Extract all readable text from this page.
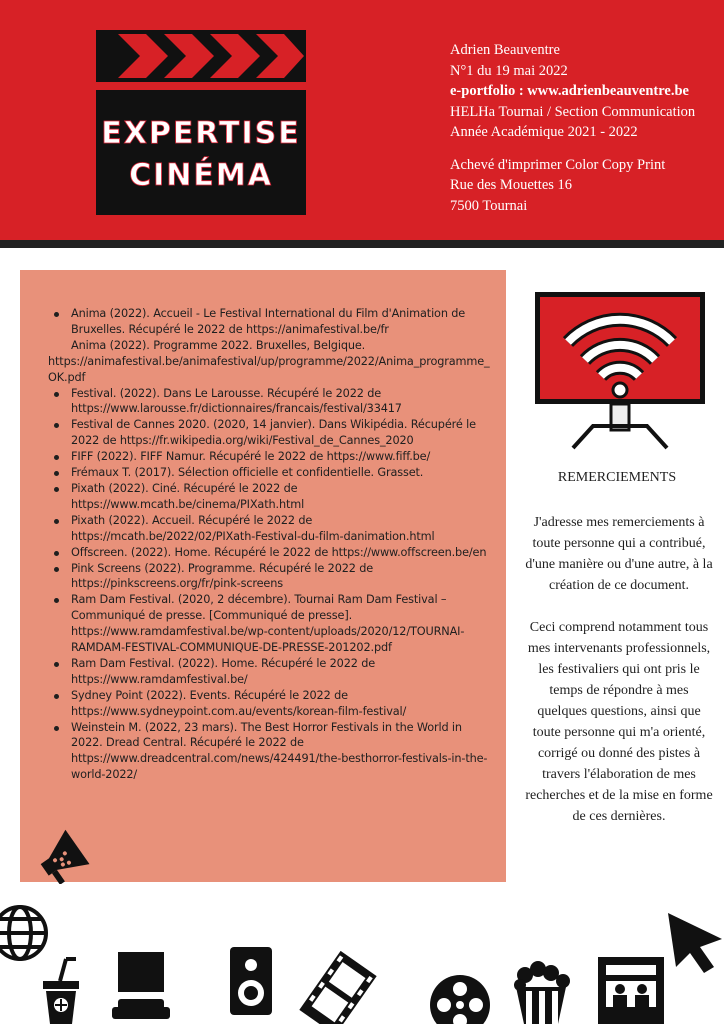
EXPERTISE
CINÉMA
Adrien Beauventre
N°1 du 19 mai 2022
e-portfolio : www.adrienbeauventre.be
HELHa Tournai / Section Communication
Année Académique 2021 - 2022
Achevé d'imprimer Color Copy Print
Rue des Mouettes 16
7500 Tournai
Anima (2022). Accueil - Le Festival International du Film d'Animation de Bruxelles. Récupéré le 2022 de https://animafestival.be/fr
Anima (2022). Programme 2022. Bruxelles, Belgique.
https://animafestival.be/animafestival/up/programme/2022/Anima_programme_OK.pdf
Festival. (2022). Dans Le Larousse. Récupéré le 2022 de https://www.larousse.fr/dictionnaires/francais/festival/33417
Festival de Cannes 2020. (2020, 14 janvier). Dans Wikipédia. Récupéré le 2022 de https://fr.wikipedia.org/wiki/Festival_de_Cannes_2020
FIFF (2022). FIFF Namur. Récupéré le 2022 de https://www.fiff.be/
Frémaux T. (2017). Sélection officielle et confidentielle. Grasset.
Pixath (2022). Ciné. Récupéré le 2022 de https://www.mcath.be/cinema/PIXath.html
Pixath (2022). Accueil. Récupéré le 2022 de https://mcath.be/2022/02/PIXath-Festival-du-film-danimation.html
Offscreen. (2022). Home. Récupéré le 2022 de https://www.offscreen.be/en
Pink Screens (2022). Programme. Récupéré le 2022 de https://pinkscreens.org/fr/pink-screens
Ram Dam Festival. (2020, 2 décembre). Tournai Ram Dam Festival – Communiqué de presse. [Communiqué de presse]. https://www.ramdamfestival.be/wp-content/uploads/2020/12/TOURNAI-RAMDAM-FESTIVAL-COMMUNIQUE-DE-PRESSE-201202.pdf
Ram Dam Festival. (2022). Home. Récupéré le 2022 de https://www.ramdamfestival.be/
Sydney Point (2022). Events. Récupéré le 2022 de https://www.sydneypoint.com.au/events/korean-film-festival/
Weinstein M. (2022, 23 mars). The Best Horror Festivals in the World in 2022. Dread Central. Récupéré le 2022 de https://www.dreadcentral.com/news/424491/the-besthorror-festivals-in-the-world-2022/
REMERCIEMENTS

J'adresse mes remerciements à toute personne qui a contribué, d'une manière ou d'une autre, à la création de ce document.

Ceci comprend notamment tous mes intervenants professionnels, les festivaliers qui ont pris le temps de répondre à mes quelques questions, ainsi que toute personne qui m'a orienté, corrigé ou donné des pistes à travers l'élaboration de mes recherches et de la mise en forme de ces dernières.
